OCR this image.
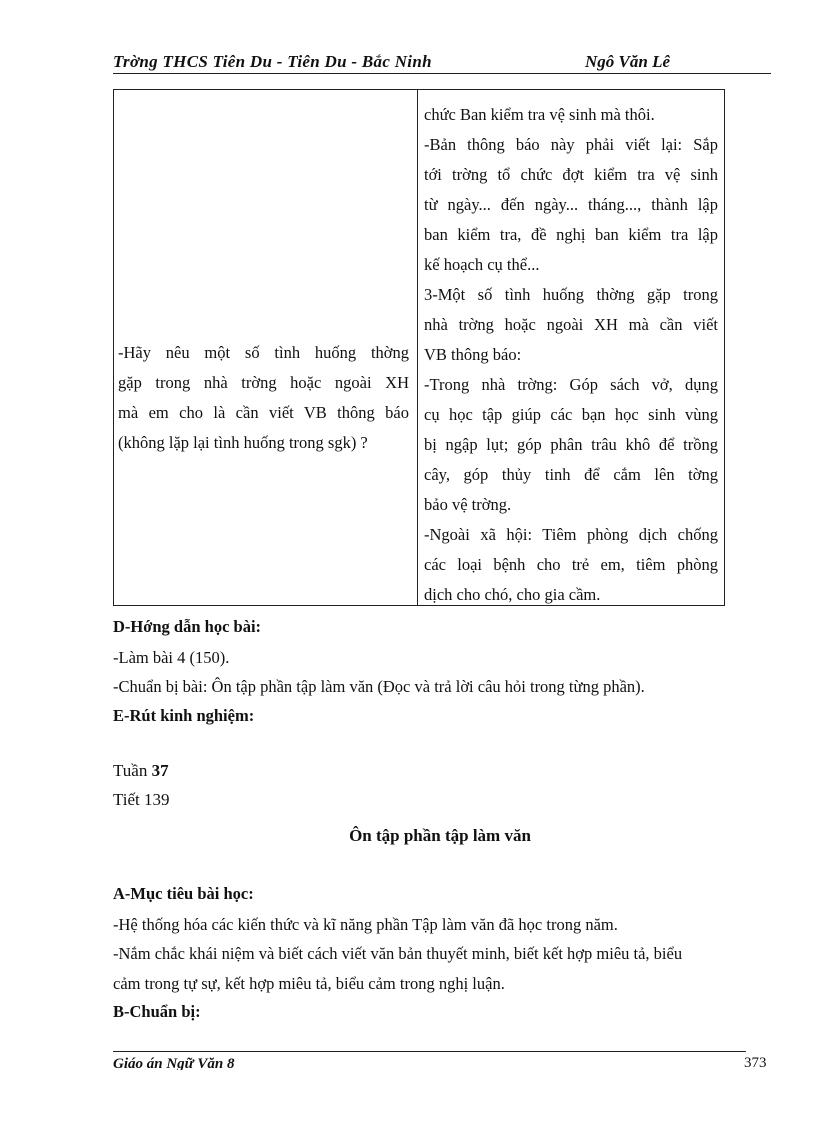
Trờng THCS Tiên Du - Tiên Du - Bắc Ninh	Ngô Văn Lê
-Hãy nêu một số tình huống thờng
gặp trong nhà trờng hoặc ngoài XH
mà em cho là cần viết VB thông báo
(không lặp lại tình huống trong sgk) ?
chức Ban kiểm tra vệ sinh mà thôi.
-Bản thông báo này phải viết lại: Sắp
tới trờng tổ chức đợt kiểm tra vệ sinh
từ ngày... đến ngày... tháng..., thành lập
ban kiểm tra, đề nghị ban kiểm tra lập
kế hoạch cụ thể...
3-Một số tình huống thờng gặp trong
nhà trờng hoặc ngoài XH mà cần viết
VB thông báo:
-Trong nhà trờng: Góp sách vở, dụng
cụ học tập giúp các bạn học sinh vùng
bị ngập lụt; góp phân trâu khô để trồng
cây, góp thủy tinh để cắm lên tờng
bảo vệ trờng.
-Ngoài xã hội: Tiêm phòng dịch chống
các loại bệnh cho trẻ em, tiêm phòng
dịch cho chó, cho gia cầm.
D-Hớng dẫn học bài:
-Làm bài 4 (150).
-Chuẩn bị bài: Ôn tập phần tập làm văn (Đọc và trả lời câu hỏi trong từng phần).
E-Rút kinh nghiệm:
Tuần 37
Tiết 139
Ôn tập phần tập làm văn
A-Mục tiêu bài học:
-Hệ thống hóa các kiến thức và kĩ năng phần Tập làm văn đã học trong năm.
-Nắm chắc khái niệm và biết cách viết văn bản thuyết minh, biết kết hợp miêu tả, biểu
cảm trong tự sự, kết hợp miêu tả, biểu cảm trong nghị luận.
B-Chuẩn bị:
Giáo án Ngữ Văn 8	373
